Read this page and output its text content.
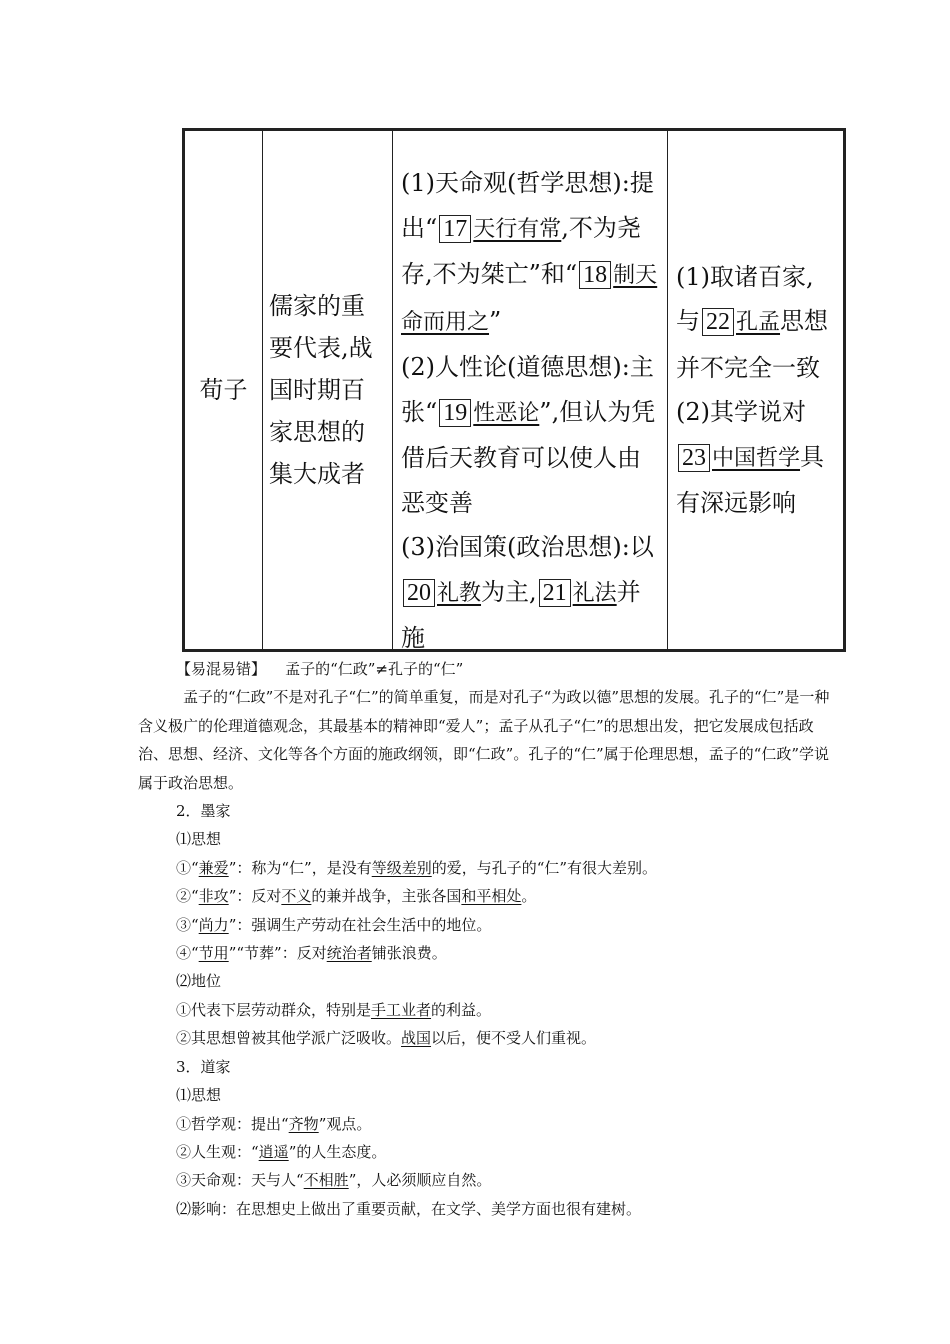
荀子
儒家的重要代表,战国时期百家思想的集大成者
(1)天命观(哲学思想):提出“ 17 天行有常,不为尧存,不为桀亡”和“ 18 制天命而用之”
(2)人性论(道德思想):主张“ 19 性恶论”,但认为凭借后天教育可以使人由恶变善
(3)治国策(政治思想):以20 礼教为主, 21 礼法并施
(1)取诸百家,与 22 孔孟思想并不完全一致
(2)其学说对23 中国哲学具有深远影响

【易混易错】 孟子的“仁政”≠孔子的“仁”

孟子的“仁政”不是对孔子“仁”的简单重复，而是对孔子“为政以德”思想的发展。孔子的“仁”是一种含义极广的伦理道德观念，其最基本的精神即“爱人”；孟子从孔子“仁”的思想出发，把它发展成包括政治、思想、经济、文化等各个方面的施政纲领，即“仁政”。孔子的“仁”属于伦理思想，孟子的“仁政”学说属于政治思想。

2．墨家

⑴思想

①“兼爱”：称为“仁”，是没有等级差别的爱，与孔子的“仁”有很大差别。

②“非攻”：反对不义的兼并战争，主张各国和平相处。

③“尚力”：强调生产劳动在社会生活中的地位。

④“节用”“节葬”：反对统治者铺张浪费。

⑵地位

①代表下层劳动群众，特别是手工业者的利益。

②其思想曾被其他学派广泛吸收。战国以后，便不受人们重视。

3．道家

⑴思想

①哲学观：提出“齐物”观点。

②人生观：“逍遥”的人生态度。

③天命观：天与人“不相胜”，人必须顺应自然。

⑵影响：在思想史上做出了重要贡献，在文学、美学方面也很有建树。
